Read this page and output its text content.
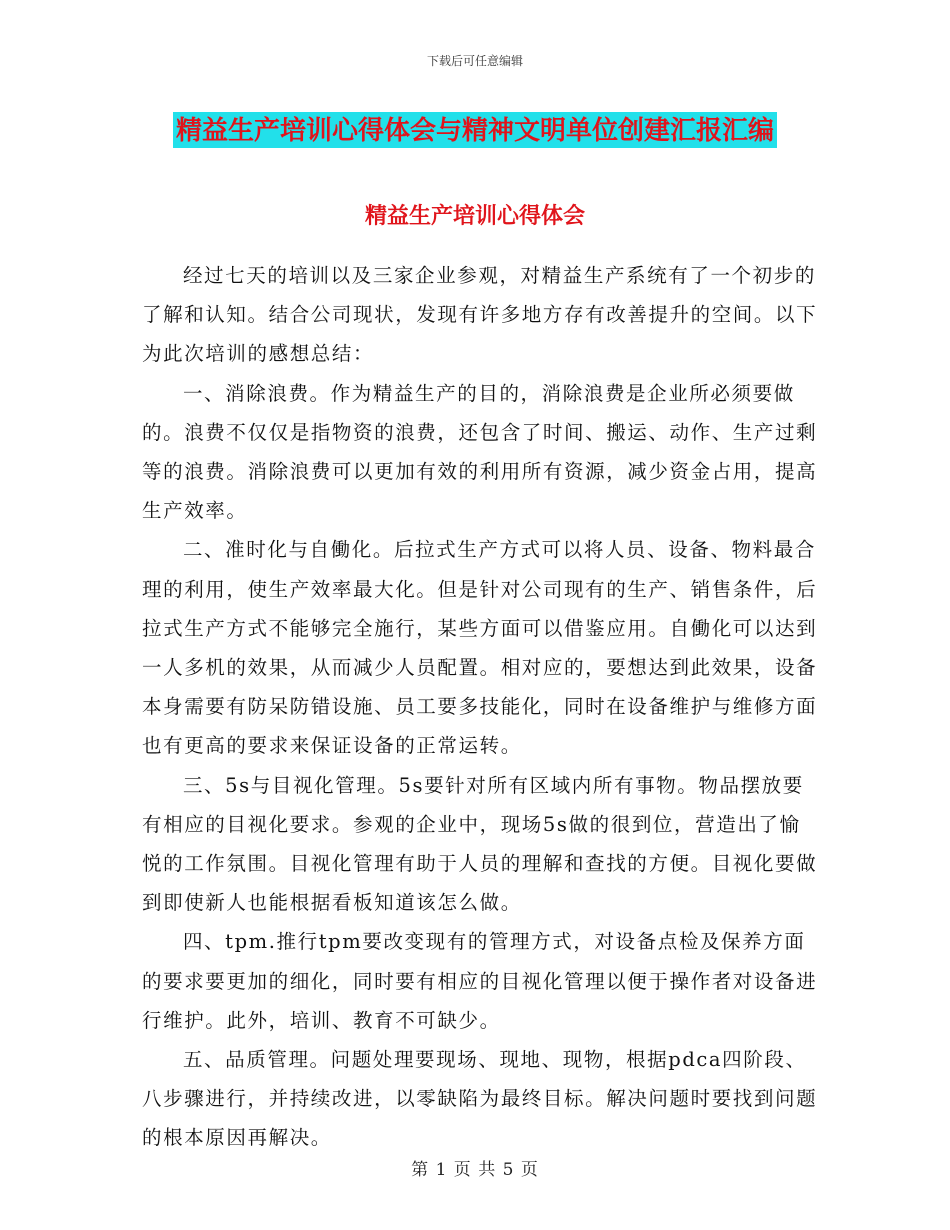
下载后可任意编辑
精益生产培训心得体会与精神文明单位创建汇报汇编
精益生产培训心得体会

经过七天的培训以及三家企业参观，对精益生产系统有了一个初步的了解和认知。结合公司现状，发现有许多地方存有改善提升的空间。以下为此次培训的感想总结：

一、消除浪费。作为精益生产的目的，消除浪费是企业所必须要做的。浪费不仅仅是指物资的浪费，还包含了时间、搬运、动作、生产过剩等的浪费。消除浪费可以更加有效的利用所有资源，减少资金占用，提高生产效率。

二、准时化与自働化。后拉式生产方式可以将人员、设备、物料最合理的利用，使生产效率最大化。但是针对公司现有的生产、销售条件，后拉式生产方式不能够完全施行，某些方面可以借鉴应用。自働化可以达到一人多机的效果，从而减少人员配置。相对应的，要想达到此效果，设备本身需要有防呆防错设施、员工要多技能化，同时在设备维护与维修方面也有更高的要求来保证设备的正常运转。

三、5s与目视化管理。5s要针对所有区域内所有事物。物品摆放要有相应的目视化要求。参观的企业中，现场5s做的很到位，营造出了愉悦的工作氛围。目视化管理有助于人员的理解和查找的方便。目视化要做到即使新人也能根据看板知道该怎么做。

四、tpm.推行tpm要改变现有的管理方式，对设备点检及保养方面的要求要更加的细化，同时要有相应的目视化管理以便于操作者对设备进行维护。此外，培训、教育不可缺少。

五、品质管理。问题处理要现场、现地、现物，根据pdca四阶段、八步骤进行，并持续改进，以零缺陷为最终目标。解决问题时要找到问题的根本原因再解决。

第 1 页 共 5 页
